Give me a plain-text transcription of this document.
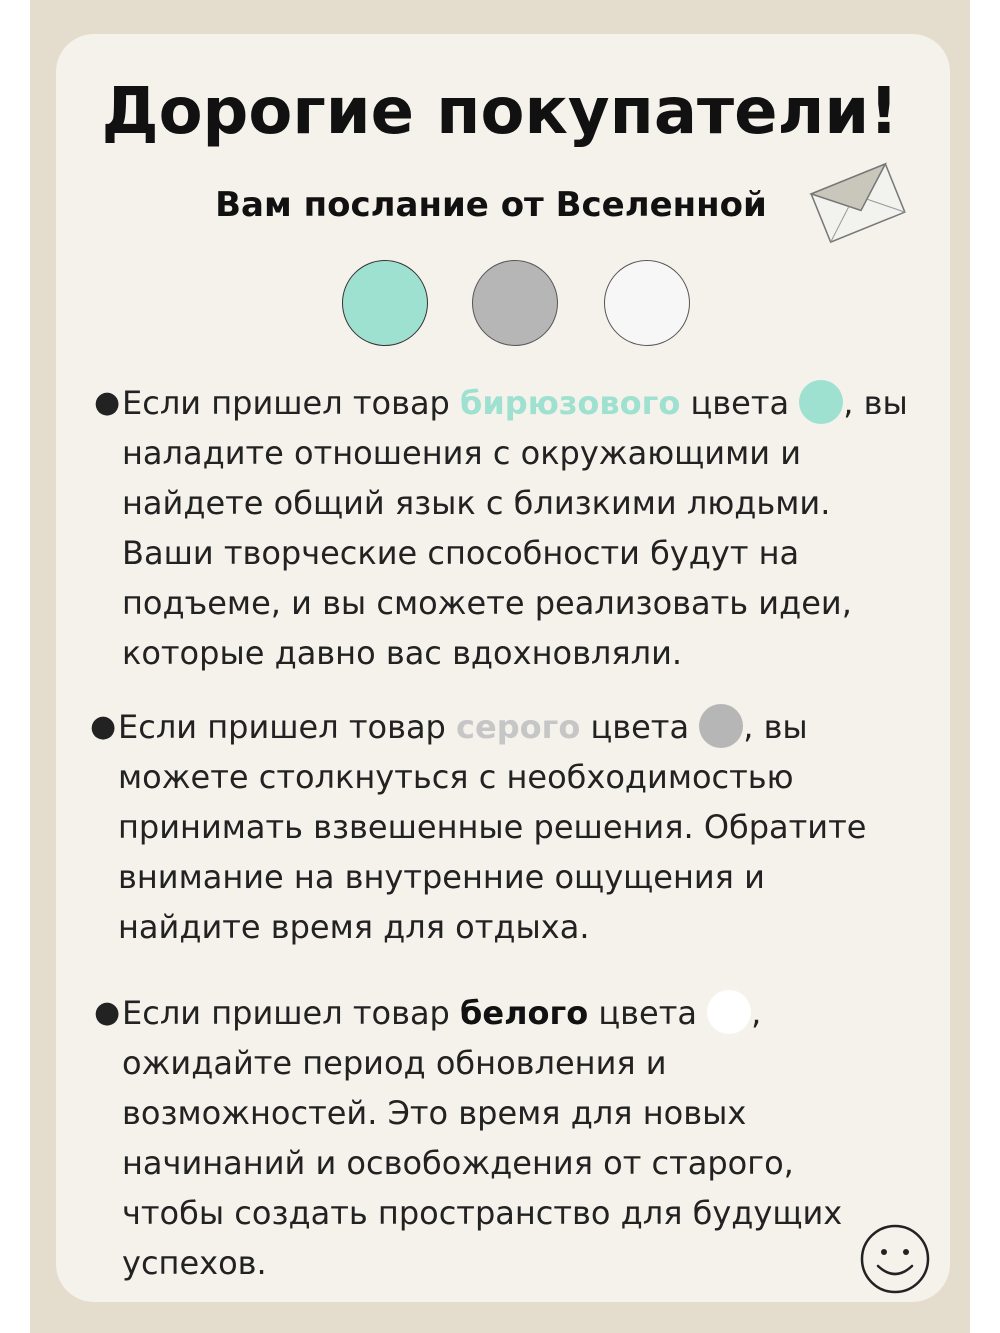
Дорогие покупатели!
Вам послание от Вселенной
● Если пришел товар бирюзового цвета , вы
наладите отношения с окружающими и
найдете общий язык с близкими людьми.
Ваши творческие способности будут на
подъеме, и вы сможете реализовать идеи,
которые давно вас вдохновляли.
● Если пришел товар серого цвета , вы
можете столкнуться с необходимостью
принимать взвешенные решения. Обратите
внимание на внутренние ощущения и
найдите время для отдыха.
● Если пришел товар белого цвета ,
ожидайте период обновления и
возможностей. Это время для новых
начинаний и освобождения от старого,
чтобы создать пространство для будущих
успехов.
